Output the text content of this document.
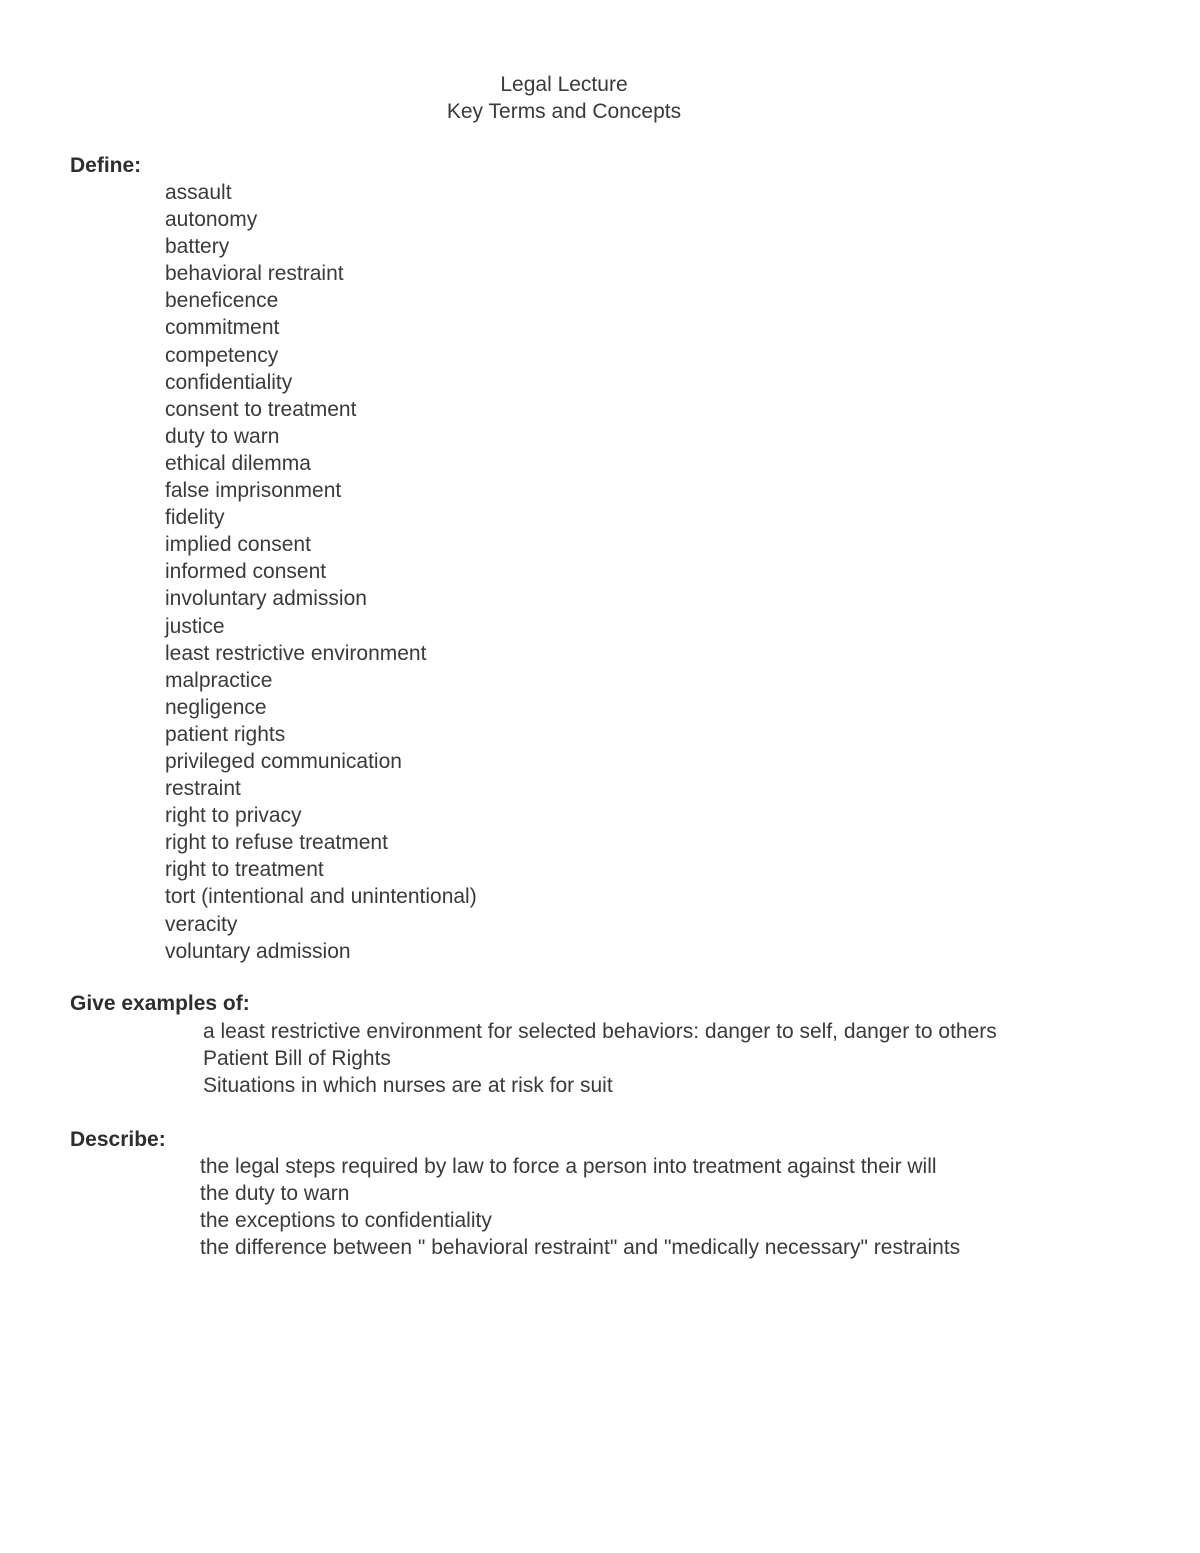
Legal Lecture
Key Terms and Concepts
Define:
assault
autonomy
battery
behavioral restraint
beneficence
commitment
competency
confidentiality
consent to treatment
duty to warn
ethical dilemma
false imprisonment
fidelity
implied consent
informed consent
involuntary admission
justice
least restrictive environment
malpractice
negligence
patient rights
privileged communication
restraint
right to privacy
right to refuse treatment
right to treatment
tort (intentional and unintentional)
veracity
voluntary admission
Give examples of:
a least restrictive environment for selected behaviors: danger to self, danger to others
Patient Bill of Rights
Situations in which nurses are at risk for suit
Describe:
the legal steps required by law to force a person into treatment against their will
the duty to warn
the exceptions to confidentiality
the difference between " behavioral restraint" and "medically necessary" restraints
